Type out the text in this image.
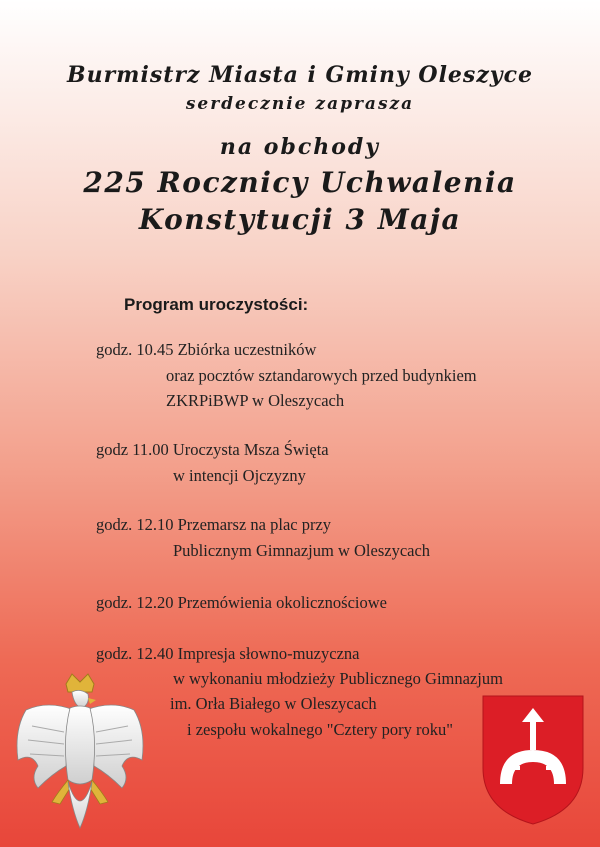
Burmistrz Miasta i Gminy Oleszyce
serdecznie zaprasza
na obchody
225 Rocznicy Uchwalenia
Konstytucji 3 Maja
Program uroczystości:
godz. 10.45 Zbiórka uczestników
oraz pocztów sztandarowych przed budynkiem
ZKRPiBWP w Oleszycach
godz 11.00 Uroczysta Msza Święta
w intencji Ojczyzny
godz. 12.10 Przemarsz na plac przy
Publicznym Gimnazjum w Oleszycach
godz. 12.20 Przemówienia okolicznościowe
godz. 12.40 Impresja słowno-muzyczna
w wykonaniu młodzieży Publicznego Gimnazjum
im. Orła Białego w Oleszycach
i zespołu wokalnego "Cztery pory roku"
